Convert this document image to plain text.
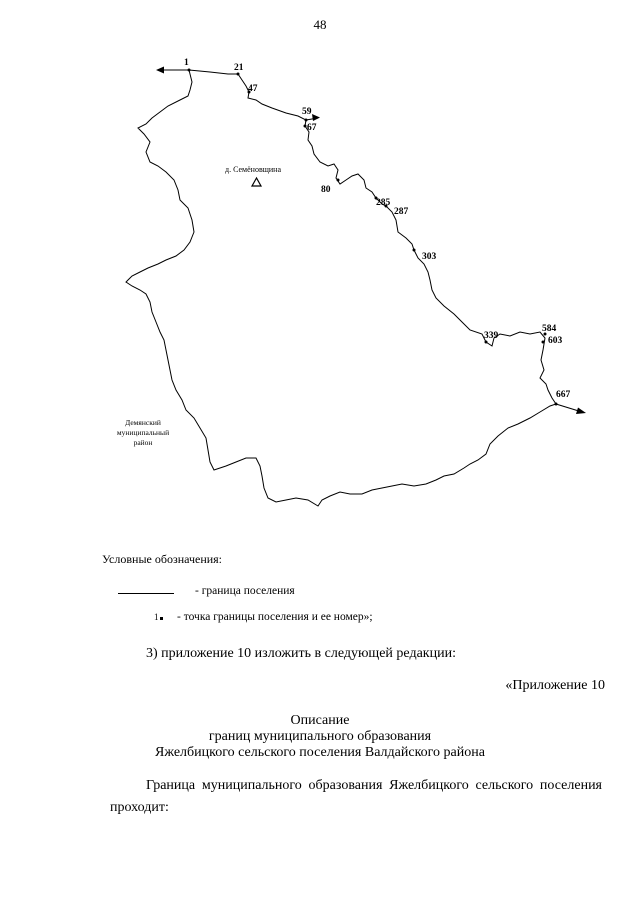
48
1	21
47
59
67
80
285
287
303
339
584
603
667
д. Семёновщина
Демянский
муниципальный
район
Условные обозначения:
- граница поселения
1 - точка границы поселения и ее номер»;
3) приложение 10 изложить в следующей редакции:
«Приложение 10
Описание
границ муниципального образования
Яжелбицкого сельского поселения Валдайского района
Граница муниципального образования Яжелбицкого сельского поселения проходит:
